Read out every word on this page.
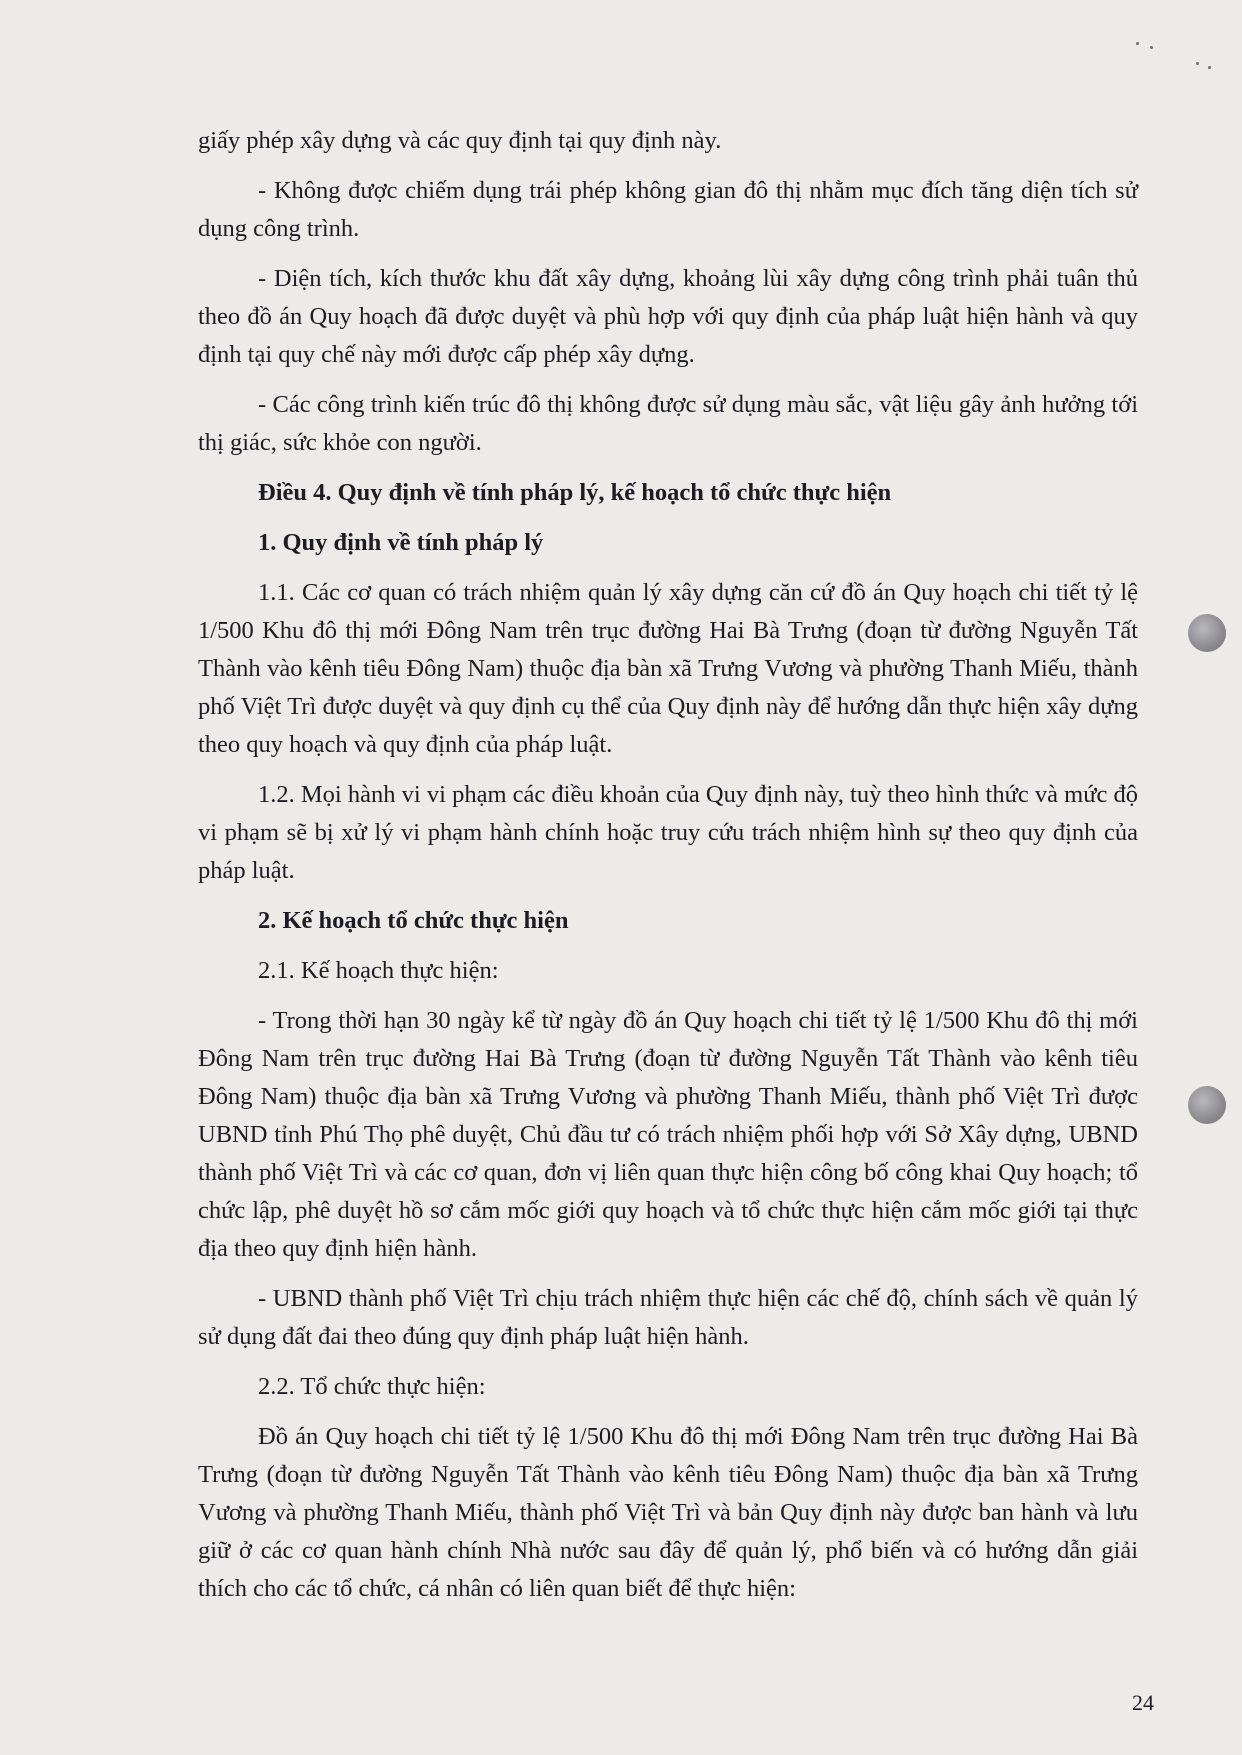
giấy phép xây dựng và các quy định tại quy định này.

- Không được chiếm dụng trái phép không gian đô thị nhằm mục đích tăng diện tích sử dụng công trình.

- Diện tích, kích thước khu đất xây dựng, khoảng lùi xây dựng công trình phải tuân thủ theo đồ án Quy hoạch đã được duyệt và phù hợp với quy định của pháp luật hiện hành và quy định tại quy chế này mới được cấp phép xây dựng.

- Các công trình kiến trúc đô thị không được sử dụng màu sắc, vật liệu gây ảnh hưởng tới thị giác, sức khỏe con người.

Điều 4. Quy định về tính pháp lý, kế hoạch tổ chức thực hiện

1. Quy định về tính pháp lý

1.1. Các cơ quan có trách nhiệm quản lý xây dựng căn cứ đồ án Quy hoạch chi tiết tỷ lệ 1/500 Khu đô thị mới Đông Nam trên trục đường Hai Bà Trưng (đoạn từ đường Nguyễn Tất Thành vào kênh tiêu Đông Nam) thuộc địa bàn xã Trưng Vương và phường Thanh Miếu, thành phố Việt Trì được duyệt và quy định cụ thể của Quy định này để hướng dẫn thực hiện xây dựng theo quy hoạch và quy định của pháp luật.

1.2. Mọi hành vi vi phạm các điều khoản của Quy định này, tuỳ theo hình thức và mức độ vi phạm sẽ bị xử lý vi phạm hành chính hoặc truy cứu trách nhiệm hình sự theo quy định của pháp luật.

2. Kế hoạch tổ chức thực hiện

2.1. Kế hoạch thực hiện:

- Trong thời hạn 30 ngày kể từ ngày đồ án Quy hoạch chi tiết tỷ lệ 1/500 Khu đô thị mới Đông Nam trên trục đường Hai Bà Trưng (đoạn từ đường Nguyễn Tất Thành vào kênh tiêu Đông Nam) thuộc địa bàn xã Trưng Vương và phường Thanh Miếu, thành phố Việt Trì được UBND tỉnh Phú Thọ phê duyệt, Chủ đầu tư có trách nhiệm phối hợp với Sở Xây dựng, UBND thành phố Việt Trì và các cơ quan, đơn vị liên quan thực hiện công bố công khai Quy hoạch; tổ chức lập, phê duyệt hồ sơ cắm mốc giới quy hoạch và tổ chức thực hiện cắm mốc giới tại thực địa theo quy định hiện hành.

- UBND thành phố Việt Trì chịu trách nhiệm thực hiện các chế độ, chính sách về quản lý sử dụng đất đai theo đúng quy định pháp luật hiện hành.

2.2. Tổ chức thực hiện:

Đồ án Quy hoạch chi tiết tỷ lệ 1/500 Khu đô thị mới Đông Nam trên trục đường Hai Bà Trưng (đoạn từ đường Nguyễn Tất Thành vào kênh tiêu Đông Nam) thuộc địa bàn xã Trưng Vương và phường Thanh Miếu, thành phố Việt Trì và bản Quy định này được ban hành và lưu giữ ở các cơ quan hành chính Nhà nước sau đây để quản lý, phổ biến và có hướng dẫn giải thích cho các tổ chức, cá nhân có liên quan biết để thực hiện:

24
